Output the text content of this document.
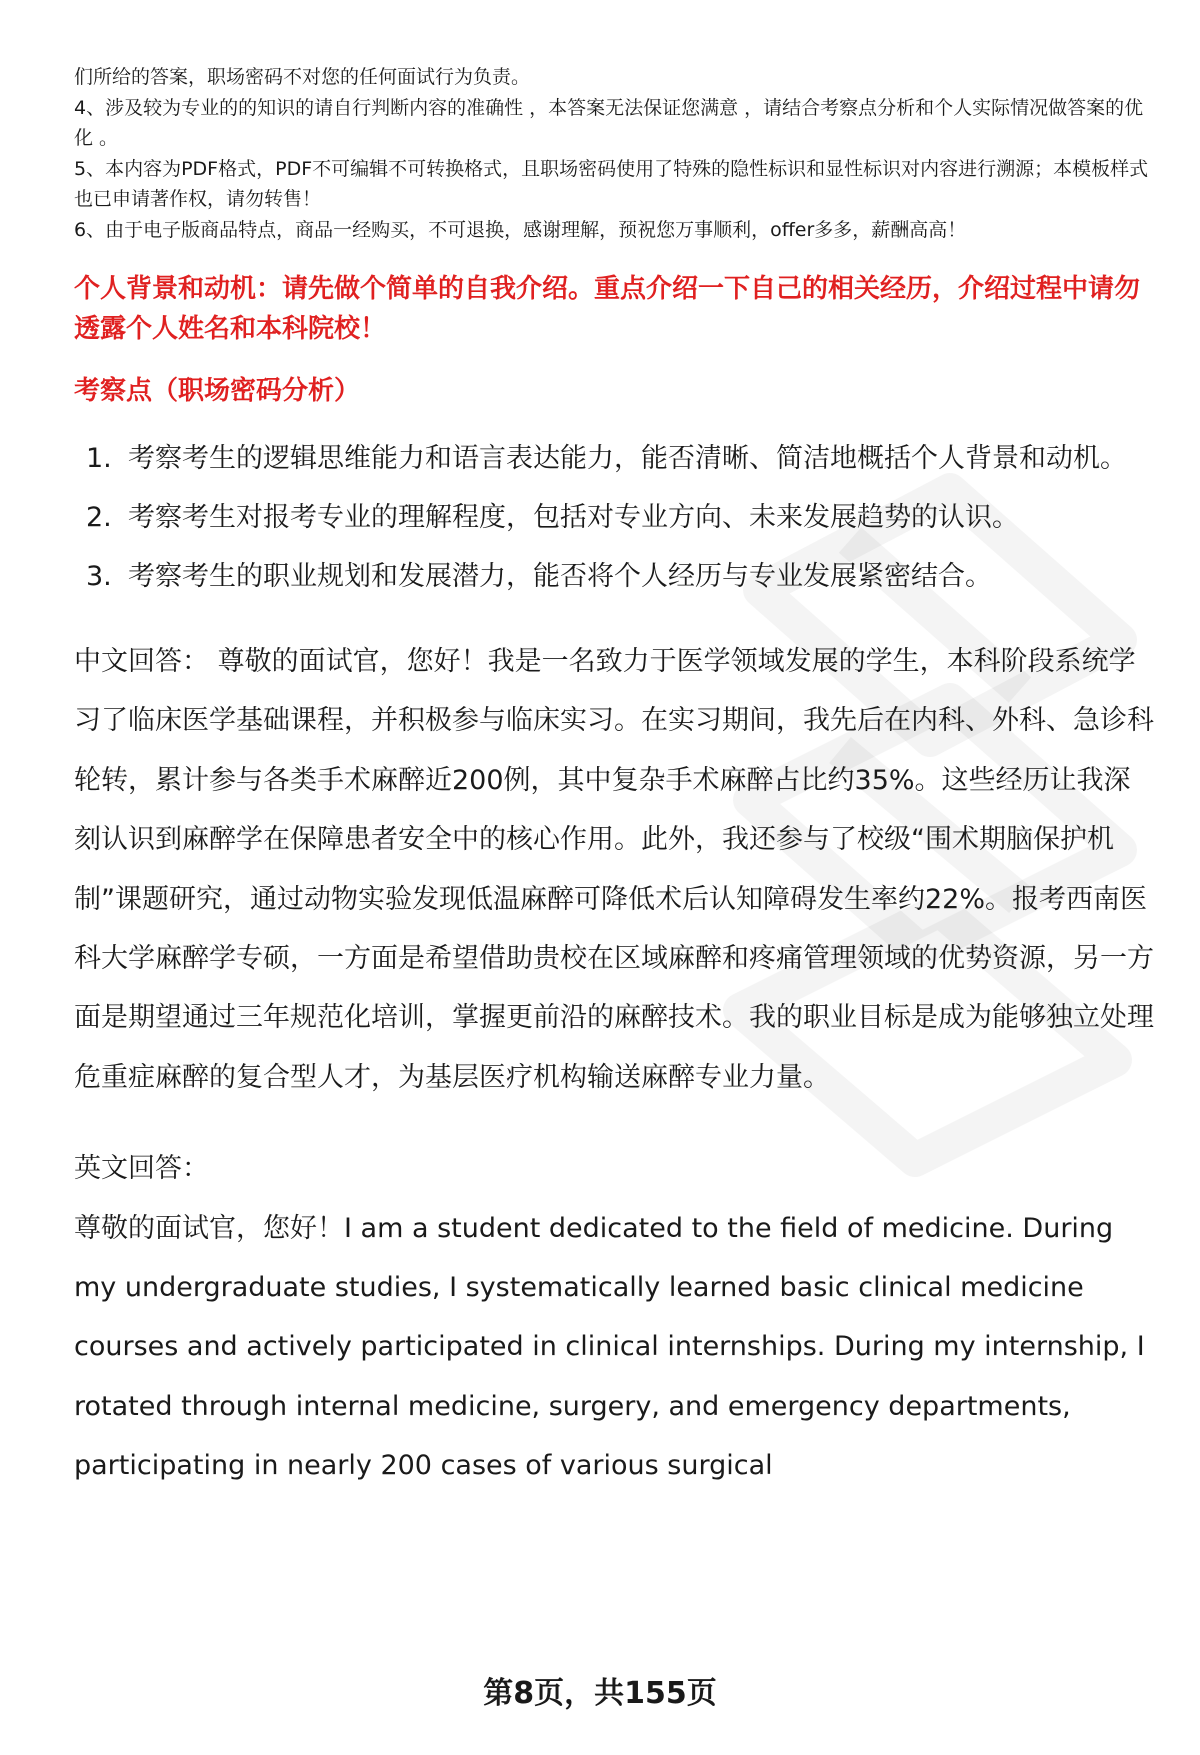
们所给的答案，职场密码不对您的任何面试行为负责。

4、涉及较为专业的的知识的请自行判断内容的准确性 ，本答案无法保证您满意 ，请结合考察点分析和个人实际情况做答案的优化 。

5、本内容为PDF格式，PDF不可编辑不可转换格式，且职场密码使用了特殊的隐性标识和显性标识对内容进行溯源；本模板样式也已申请著作权，请勿转售！

6、由于电子版商品特点，商品一经购买，不可退换，感谢理解，预祝您万事顺利，offer多多，薪酬高高！

个人背景和动机：请先做个简单的自我介绍。重点介绍一下自己的相关经历，介绍过程中请勿透露个人姓名和本科院校！
考察点（职场密码分析）
1. 考察考生的逻辑思维能力和语言表达能力，能否清晰、简洁地概括个人背景和动机。
2. 考察考生对报考专业的理解程度，包括对专业方向、未来发展趋势的认识。
3. 考察考生的职业规划和发展潜力，能否将个人经历与专业发展紧密结合。
中文回答： 尊敬的面试官，您好！我是一名致力于医学领域发展的学生，本科阶段系统学习了临床医学基础课程，并积极参与临床实习。在实习期间，我先后在内科、外科、急诊科轮转，累计参与各类手术麻醉近200例，其中复杂手术麻醉占比约35%。这些经历让我深刻认识到麻醉学在保障患者安全中的核心作用。此外，我还参与了校级“围术期脑保护机制”课题研究，通过动物实验发现低温麻醉可降低术后认知障碍发生率约22%。报考西南医科大学麻醉学专硕，一方面是希望借助贵校在区域麻醉和疼痛管理领域的优势资源，另一方面是期望通过三年规范化培训，掌握更前沿的麻醉技术。我的职业目标是成为能够独立处理危重症麻醉的复合型人才，为基层医疗机构输送麻醉专业力量。

英文回答：

尊敬的面试官，您好！I am a student dedicated to the field of medicine. During my undergraduate studies, I systematically learned basic clinical medicine courses and actively participated in clinical internships. During my internship, I rotated through internal medicine, surgery, and emergency departments, participating in nearly 200 cases of various surgical

第8页，共155页
